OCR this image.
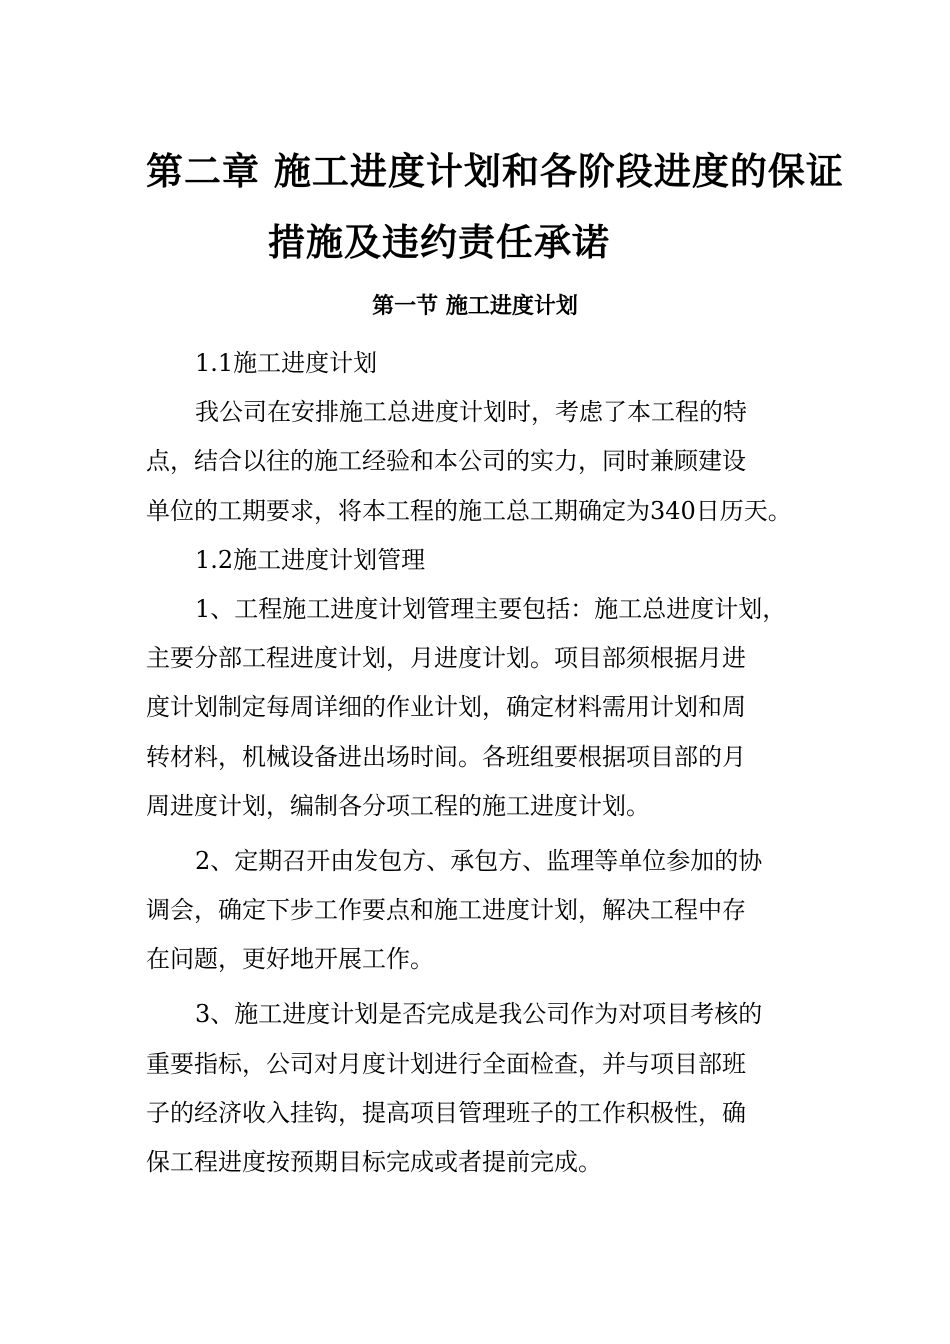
第二章 施工进度计划和各阶段进度的保证
措施及违约责任承诺
第一节 施工进度计划
1.1施工进度计划
我公司在安排施工总进度计划时，考虑了本工程的特
点，结合以往的施工经验和本公司的实力，同时兼顾建设
单位的工期要求，将本工程的施工总工期确定为340日历天。
1.2施工进度计划管理
1、工程施工进度计划管理主要包括：施工总进度计划，
主要分部工程进度计划，月进度计划。项目部须根据月进
度计划制定每周详细的作业计划，确定材料需用计划和周
转材料，机械设备进出场时间。各班组要根据项目部的月
周进度计划，编制各分项工程的施工进度计划。
2、定期召开由发包方、承包方、监理等单位参加的协
调会，确定下步工作要点和施工进度计划，解决工程中存
在问题，更好地开展工作。
3、施工进度计划是否完成是我公司作为对项目考核的
重要指标，公司对月度计划进行全面检查，并与项目部班
子的经济收入挂钩，提高项目管理班子的工作积极性，确
保工程进度按预期目标完成或者提前完成。
